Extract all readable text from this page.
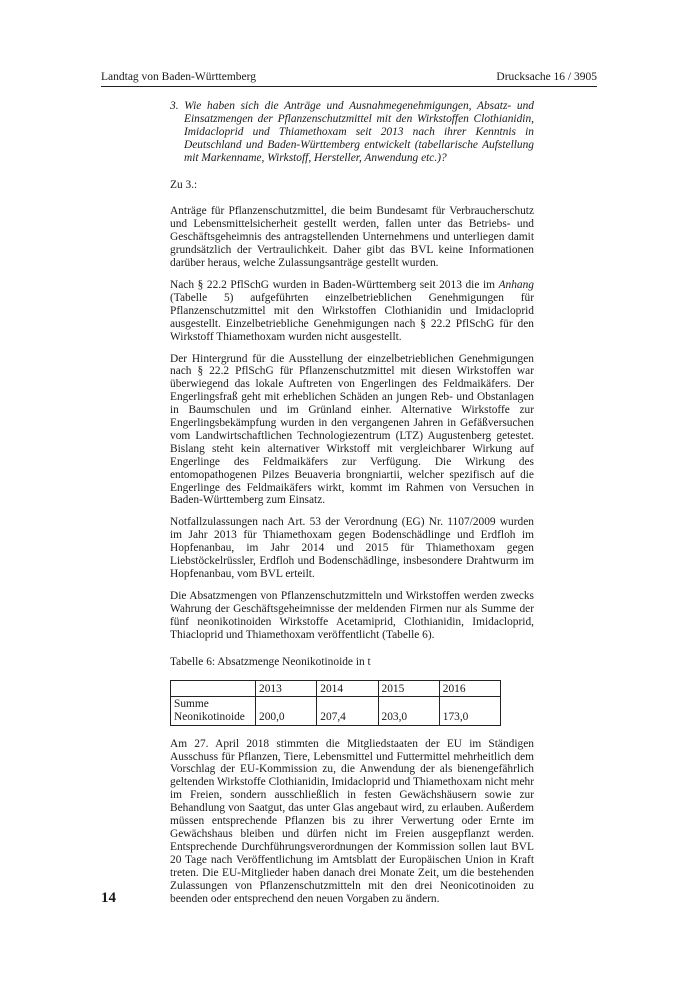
Landtag von Baden-Württemberg	Drucksache 16 / 3905

3. Wie haben sich die Anträge und Ausnahmegenehmigungen, Absatz- und Einsatzmengen der Pflanzenschutzmittel mit den Wirkstoffen Clothianidin, Imidacloprid und Thiamethoxam seit 2013 nach ihrer Kenntnis in Deutschland und Baden-Württemberg entwickelt (tabellarische Aufstellung mit Markenname, Wirkstoff, Hersteller, Anwendung etc.)?

Zu 3.:

Anträge für Pflanzenschutzmittel, die beim Bundesamt für Verbraucherschutz und Lebensmittelsicherheit gestellt werden, fallen unter das Betriebs- und Geschäftsgeheimnis des antragstellenden Unternehmens und unterliegen damit grundsätzlich der Vertraulichkeit. Daher gibt das BVL keine Informationen darüber heraus, welche Zulassungsanträge gestellt wurden.

Nach § 22.2 PflSchG wurden in Baden-Württemberg seit 2013 die im Anhang (Tabelle 5) aufgeführten einzelbetrieblichen Genehmigungen für Pflanzenschutzmittel mit den Wirkstoffen Clothianidin und Imidacloprid ausgestellt. Einzelbetriebliche Genehmigungen nach § 22.2 PflSchG für den Wirkstoff Thiamethoxam wurden nicht ausgestellt.

Der Hintergrund für die Ausstellung der einzelbetrieblichen Genehmigungen nach § 22.2 PflSchG für Pflanzenschutzmittel mit diesen Wirkstoffen war überwiegend das lokale Auftreten von Engerlingen des Feldmaikäfers. Der Engerlingsfraß geht mit erheblichen Schäden an jungen Reb- und Obstanlagen in Baumschulen und im Grünland einher. Alternative Wirkstoffe zur Engerlingsbekämpfung wurden in den vergangenen Jahren in Gefäßversuchen vom Landwirtschaftlichen Technologiezentrum (LTZ) Augustenberg getestet. Bislang steht kein alternativer Wirkstoff mit vergleichbarer Wirkung auf Engerlinge des Feldmaikäfers zur Verfügung. Die Wirkung des entomopathogenen Pilzes Beuaveria brongniartii, welcher spezifisch auf die Engerlinge des Feldmaikäfers wirkt, kommt im Rahmen von Versuchen in Baden-Württemberg zum Einsatz.

Notfallzulassungen nach Art. 53 der Verordnung (EG) Nr. 1107/2009 wurden im Jahr 2013 für Thiamethoxam gegen Bodenschädlinge und Erdfloh im Hopfenanbau, im Jahr 2014 und 2015 für Thiamethoxam gegen Liebstöckelrüssler, Erdfloh und Bodenschädlinge, insbesondere Drahtwurm im Hopfenanbau, vom BVL erteilt.

Die Absatzmengen von Pflanzenschutzmitteln und Wirkstoffen werden zwecks Wahrung der Geschäftsgeheimnisse der meldenden Firmen nur als Summe der fünf neonikotinoiden Wirkstoffe Acetamiprid, Clothianidin, Imidacloprid, Thiacloprid und Thiamethoxam veröffentlicht (Tabelle 6).

Tabelle 6: Absatzmenge Neonikotinoide in t

	2013	2014	2015	2016
Summe
Neonikotinoide	200,0	207,4	203,0	173,0

Am 27. April 2018 stimmten die Mitgliedstaaten der EU im Ständigen Ausschuss für Pflanzen, Tiere, Lebensmittel und Futtermittel mehrheitlich dem Vorschlag der EU-Kommission zu, die Anwendung der als bienengefährlich geltenden Wirkstoffe Clothianidin, Imidacloprid und Thiamethoxam nicht mehr im Freien, sondern ausschließlich in festen Gewächshäusern sowie zur Behandlung von Saatgut, das unter Glas angebaut wird, zu erlauben. Außerdem müssen entsprechende Pflanzen bis zu ihrer Verwertung oder Ernte im Gewächshaus bleiben und dürfen nicht im Freien ausgepflanzt werden. Entsprechende Durchführungsverordnungen der Kommission sollen laut BVL 20 Tage nach Veröffentlichung im Amtsblatt der Europäischen Union in Kraft treten. Die EU-Mitglieder haben danach drei Monate Zeit, um die bestehenden Zulassungen von Pflanzenschutzmitteln mit den drei Neonicotinoiden zu beenden oder entsprechend den neuen Vorgaben zu ändern.

14
